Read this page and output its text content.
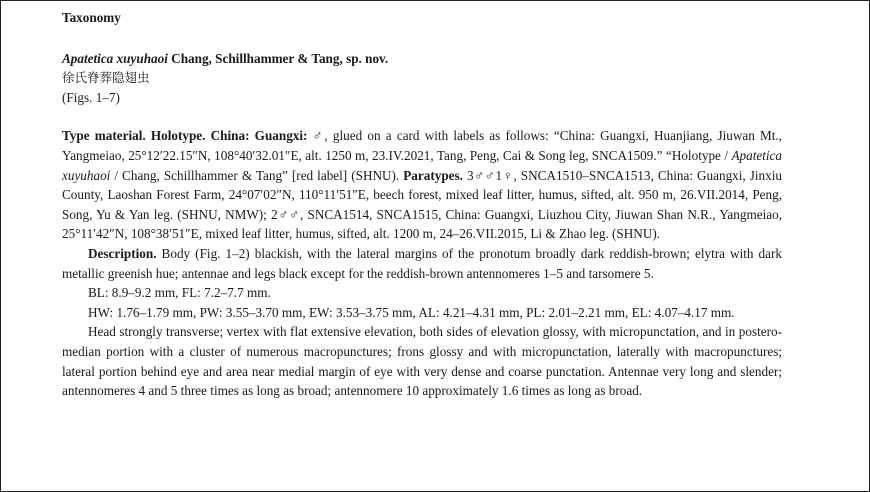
Taxonomy

Apatetica xuyuhaoi Chang, Schillhammer & Tang, sp. nov.

徐氏脊葬隐翅虫

(Figs. 1–7)

Type material. Holotype. China: Guangxi: ♂, glued on a card with labels as follows: “China: Guangxi, Huanjiang, Jiuwan Mt., Yangmeiao, 25°12′22.15″N, 108°40′32.01″E, alt. 1250 m, 23.IV.2021, Tang, Peng, Cai & Song leg, SNCA1509.” “Holotype / Apatetica xuyuhaoi / Chang, Schillhammer & Tang” [red label] (SHNU). Paratypes. 3♂♂1♀, SNCA1510–SNCA1513, China: Guangxi, Jinxiu County, Laoshan Forest Farm, 24°07′02″N, 110°11′51″E, beech forest, mixed leaf litter, humus, sifted, alt. 950 m, 26.VII.2014, Peng, Song, Yu & Yan leg. (SHNU, NMW); 2♂♂, SNCA1514, SNCA1515, China: Guangxi, Liuzhou City, Jiuwan Shan N.R., Yangmeiao, 25°11′42″N, 108°38′51″E, mixed leaf litter, humus, sifted, alt. 1200 m, 24–26.VII.2015, Li & Zhao leg. (SHNU).

Description. Body (Fig. 1–2) blackish, with the lateral margins of the pronotum broadly dark reddish-brown; elytra with dark metallic greenish hue; antennae and legs black except for the reddish-brown antennomeres 1–5 and tarsomere 5.

BL: 8.9–9.2 mm, FL: 7.2–7.7 mm.

HW: 1.76–1.79 mm, PW: 3.55–3.70 mm, EW: 3.53–3.75 mm, AL: 4.21–4.31 mm, PL: 2.01–2.21 mm, EL: 4.07–4.17 mm.

Head strongly transverse; vertex with flat extensive elevation, both sides of elevation glossy, with micropunctation, and in postero-median portion with a cluster of numerous macropunctures; frons glossy and with micropunctation, laterally with macropunctures; lateral portion behind eye and area near medial margin of eye with very dense and coarse punctation. Antennae very long and slender; antennomeres 4 and 5 three times as long as broad; antennomere 10 approximately 1.6 times as long as broad.
